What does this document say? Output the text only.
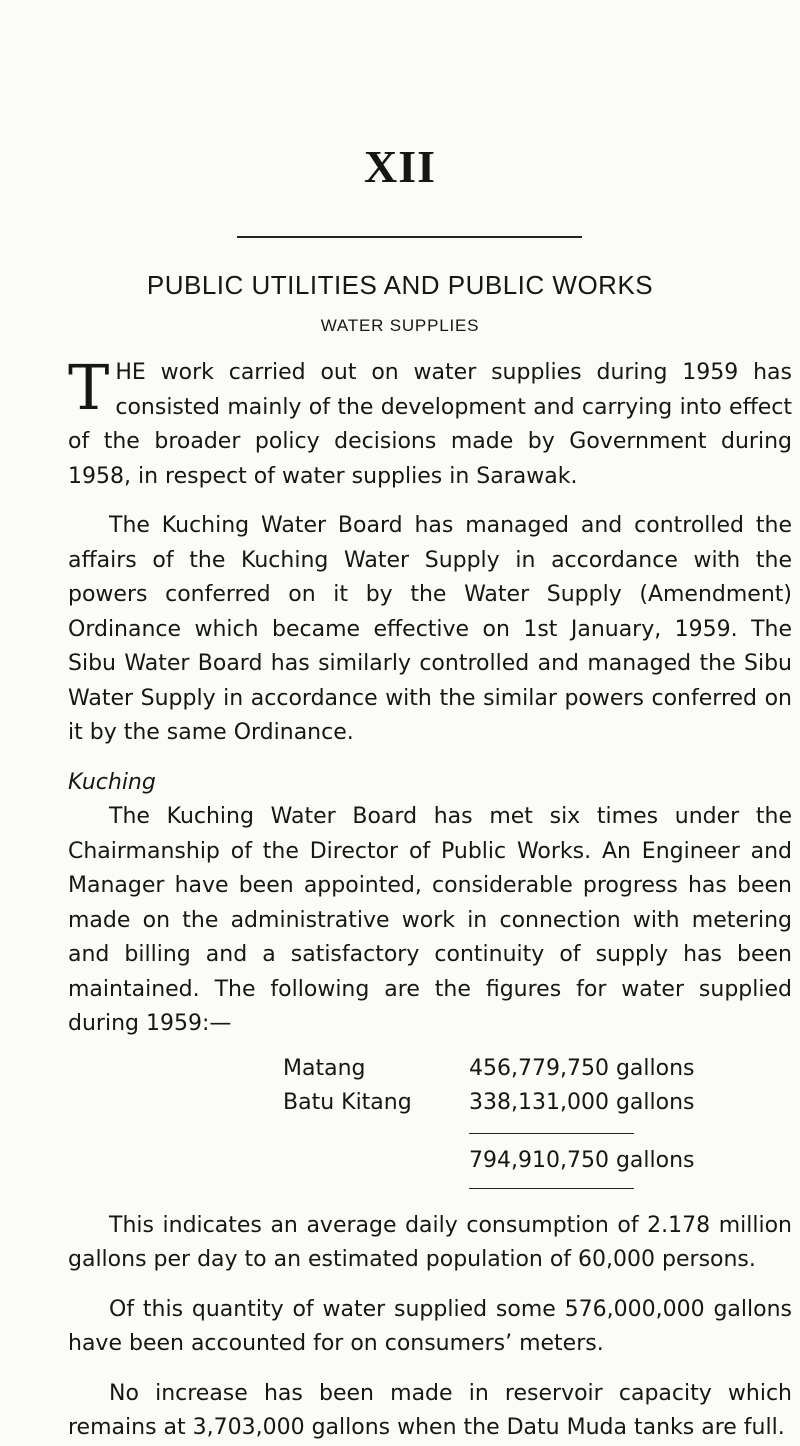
XII
PUBLIC UTILITIES AND PUBLIC WORKS
WATER SUPPLIES

THE work carried out on water supplies during 1959 has consisted mainly of the development and carrying into effect of the broader policy decisions made by Government during 1958, in respect of water supplies in Sarawak.

The Kuching Water Board has managed and controlled the affairs of the Kuching Water Supply in accordance with the powers conferred on it by the Water Supply (Amendment) Ordinance which became effective on 1st January, 1959. The Sibu Water Board has similarly controlled and managed the Sibu Water Supply in accordance with the similar powers conferred on it by the same Ordinance.

Kuching

The Kuching Water Board has met six times under the Chairmanship of the Director of Public Works. An Engineer and Manager have been appointed, considerable progress has been made on the administrative work in connection with metering and billing and a satisfactory continuity of supply has been maintained. The following are the figures for water supplied during 1959:—

Matang	456,779,750 gallons
Batu Kitang	338,131,000 gallons
794,910,750 gallons

This indicates an average daily consumption of 2.178 million gallons per day to an estimated population of 60,000 persons.

Of this quantity of water supplied some 576,000,000 gallons have been accounted for on consumers’ meters.

No increase has been made in reservoir capacity which remains at 3,703,000 gallons when the Datu Muda tanks are full.
